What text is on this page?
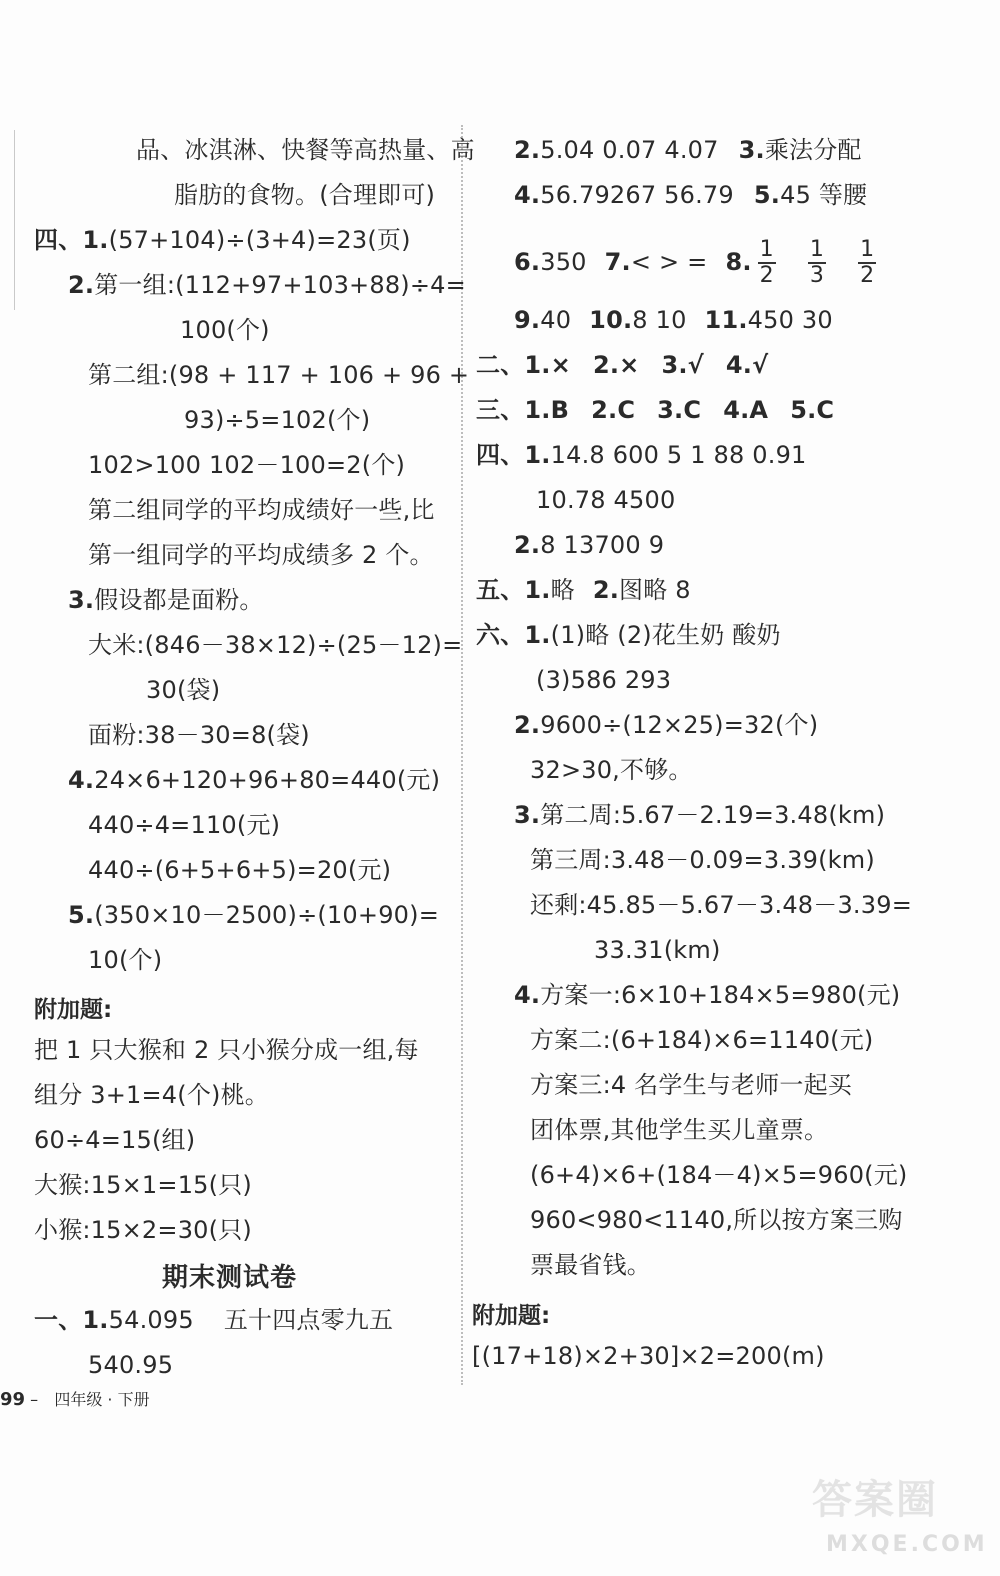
品、冰淇淋、快餐等高热量、高
脂肪的食物。(合理即可)
四、1.(57+104)÷(3+4)=23(页)
2.第一组:(112+97+103+88)÷4=
100(个)
第二组:(98 + 117 + 106 + 96 +
93)÷5=102(个)
102>100 102－100=2(个)
第二组同学的平均成绩好一些,比
第一组同学的平均成绩多 2 个。
3.假设都是面粉。
大米:(846－38×12)÷(25－12)=
30(袋)
面粉:38－30=8(袋)
4.24×6+120+96+80=440(元)
440÷4=110(元)
440÷(6+5+6+5)=20(元)
5.(350×10－2500)÷(10+90)=
10(个)
附加题:
把 1 只大猴和 2 只小猴分成一组,每
组分 3+1=4(个)桃。
60÷4=15(组)
大猴:15×1=15(只)
小猴:15×2=30(只)
期末测试卷
一、1.54.095 五十四点零九五
540.95
2.5.04 0.07 4.07 3.乘法分配
4.56.79267 56.79 5.45 等腰
6.350 7.< > = 8. $\frac{1}{2} \frac{1}{3} \frac{1}{2}$
9.40 10.8 10 11.450 30
二、1.× 2.× 3.√ 4.√
三、1.B 2.C 3.C 4.A 5.C
四、1.14.8 600 5 1 88 0.91
10.78 4500
2.8 13700 9
五、1.略 2.图略 8
六、1.(1)略 (2)花生奶 酸奶
(3)586 293
2.9600÷(12×25)=32(个)
32>30,不够。
3.第二周:5.67－2.19=3.48(km)
第三周:3.48－0.09=3.39(km)
还剩:45.85－5.67－3.48－3.39=
33.31(km)
4.方案一:6×10+184×5=980(元)
方案二:(6+184)×6=1140(元)
方案三:4 名学生与老师一起买
团体票,其他学生买儿童票。
(6+4)×6+(184－4)×5=960(元)
960<980<1140,所以按方案三购
票最省钱。
附加题:
[(17+18)×2+30]×2=200(m)
99 – 四年级 · 下册
答案圈
MXQE.COM
